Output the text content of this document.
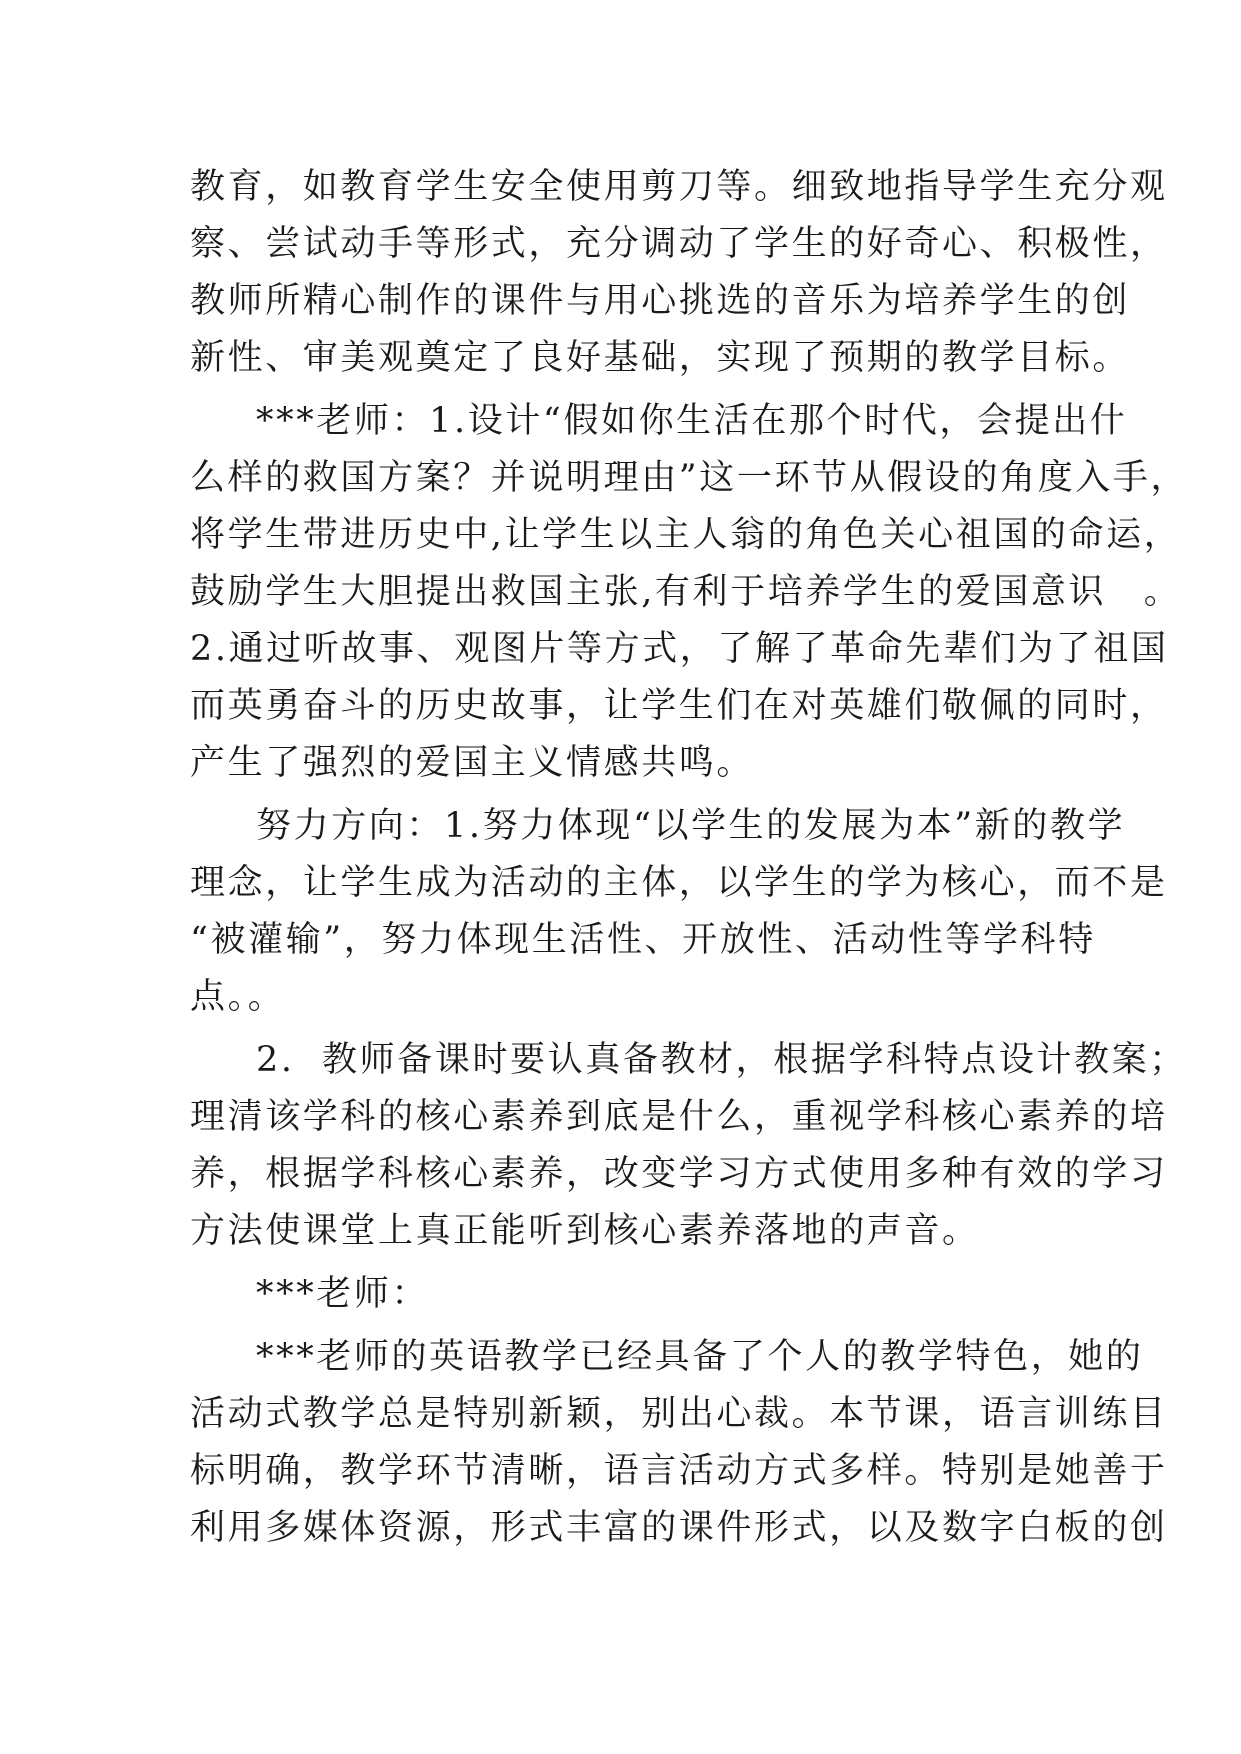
教育，如教育学生安全使用剪刀等。细致地指导学生充分观
察、尝试动手等形式，充分调动了学生的好奇心、积极性，
教师所精心制作的课件与用心挑选的音乐为培养学生的创
新性、审美观奠定了良好基础，实现了预期的教学目标。
***老师：1.设计“假如你生活在那个时代，会提出什
么样的救国方案？并说明理由”这一环节从假设的角度入手，
将学生带进历史中,让学生以主人翁的角色关心祖国的命运，
鼓励学生大胆提出救国主张,有利于培养学生的爱国意识　。
2.通过听故事、观图片等方式，了解了革命先辈们为了祖国
而英勇奋斗的历史故事，让学生们在对英雄们敬佩的同时，
产生了强烈的爱国主义情感共鸣。
努力方向：1.努力体现“以学生的发展为本”新的教学
理念，让学生成为活动的主体，以学生的学为核心，而不是
“被灌输”，努力体现生活性、开放性、活动性等学科特
点。。
2.  教师备课时要认真备教材，根据学科特点设计教案；
理清该学科的核心素养到底是什么，重视学科核心素养的培
养，根据学科核心素养，改变学习方式使用多种有效的学习
方法使课堂上真正能听到核心素养落地的声音。
***老师：
***老师的英语教学已经具备了个人的教学特色，她的
活动式教学总是特别新颖，别出心裁。本节课，语言训练目
标明确，教学环节清晰，语言活动方式多样。特别是她善于
利用多媒体资源，形式丰富的课件形式，以及数字白板的创
